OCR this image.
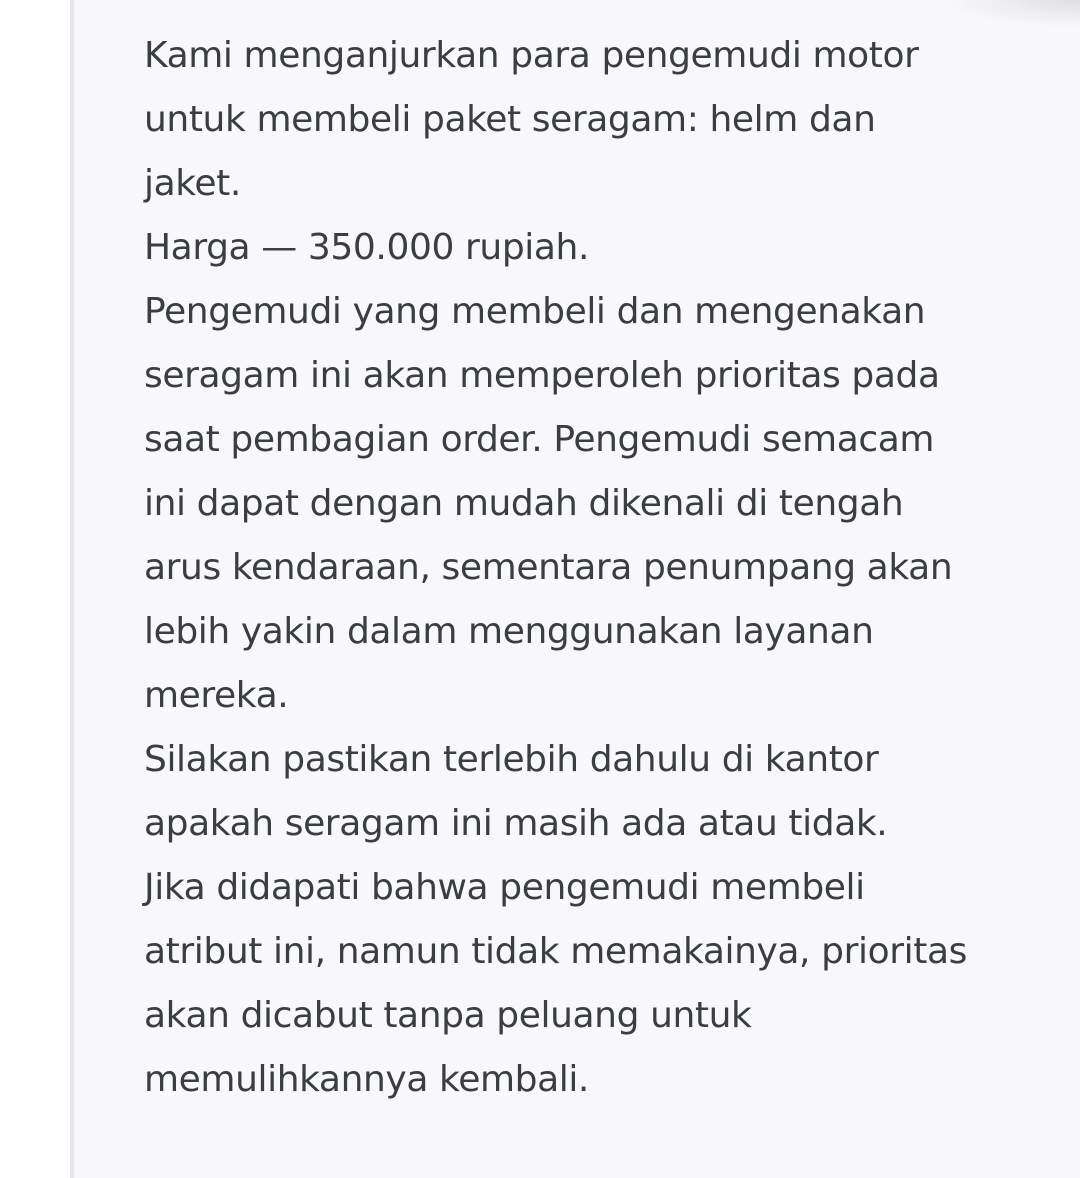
Kami menganjurkan para pengemudi motor
untuk membeli paket seragam: helm dan
jaket.
Harga — 350.000 rupiah.
Pengemudi yang membeli dan mengenakan
seragam ini akan memperoleh prioritas pada
saat pembagian order. Pengemudi semacam
ini dapat dengan mudah dikenali di tengah
arus kendaraan, sementara penumpang akan
lebih yakin dalam menggunakan layanan
mereka.
Silakan pastikan terlebih dahulu di kantor
apakah seragam ini masih ada atau tidak.
Jika didapati bahwa pengemudi membeli
atribut ini, namun tidak memakainya, prioritas
akan dicabut tanpa peluang untuk
memulihkannya kembali.
